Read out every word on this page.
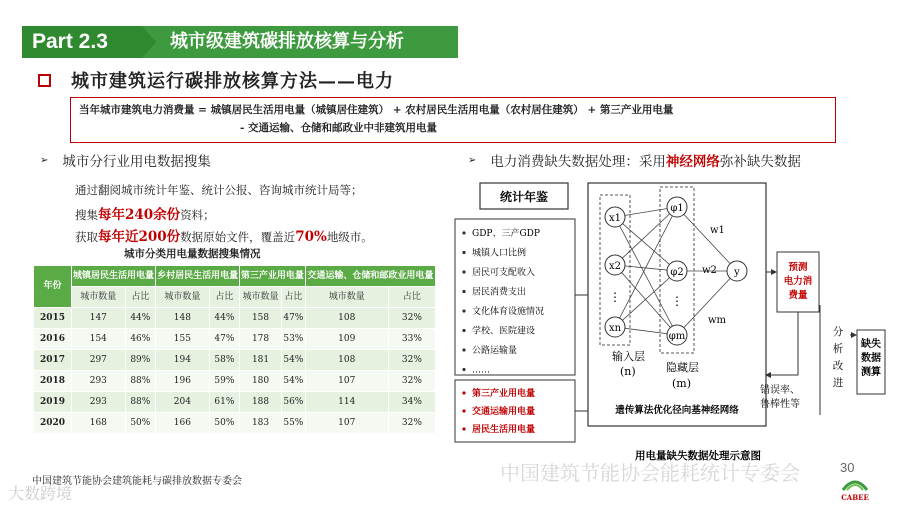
Part 2.3	城市级建筑碳排放核算与分析
城市建筑运行碳排放核算方法——电力
当年城市建筑电力消费量 = 城镇居民生活用电量（城镇居住建筑） + 农村居民生活用电量（农村居住建筑） + 第三产业用电量
- 交通运输、仓储和邮政业中非建筑用电量
➢ 城市分行业用电数据搜集
通过翻阅城市统计年鉴、统计公报、咨询城市统计局等；
搜集每年240余份资料；
获取每年近200份数据原始文件，覆盖近70%地级市。
城市分类用电量数据搜集情况
年份	城镇居民生活用电量		乡村居民生活用电量		第三产业用电量		交通运输、仓储和邮政业用电量	
	城市数量	占比	城市数量	占比	城市数量	占比	城市数量	占比
2015	147	44%	148	44%	158	47%	108	32%
2016	154	46%	155	47%	178	53%	109	33%
2017	297	89%	194	58%	181	54%	108	32%
2018	293	88%	196	59%	180	54%	107	32%
2019	293	88%	204	61%	188	56%	114	34%
2020	168	50%	166	50%	183	55%	107	32%
➢ 电力消费缺失数据处理：采用 神经网络 弥补缺失数据
统计年鉴
GDP、三产GDP
城镇人口比例
居民可支配收入
居民消费支出
文化体育设施情况
学校、医院建设
公路运输量
……
第三产业用电量
交通运输用电量
居民生活用电量
x1
x2
xn
⋮
φ1
φ2
φm
⋮
y
w1
w2
wm
输入层
(n)	隐藏层
(m)
遗传算法优化径向基神经网络
预测
电力消
费量
错误率、
鲁棒性等
分
析
改
进
缺失
数据
测算
用电量缺失数据处理示意图
中国建筑节能协会建筑能耗与碳排放数据专委会
大数跨境
中国建筑节能协会能耗统计专委会	30
CABEE
